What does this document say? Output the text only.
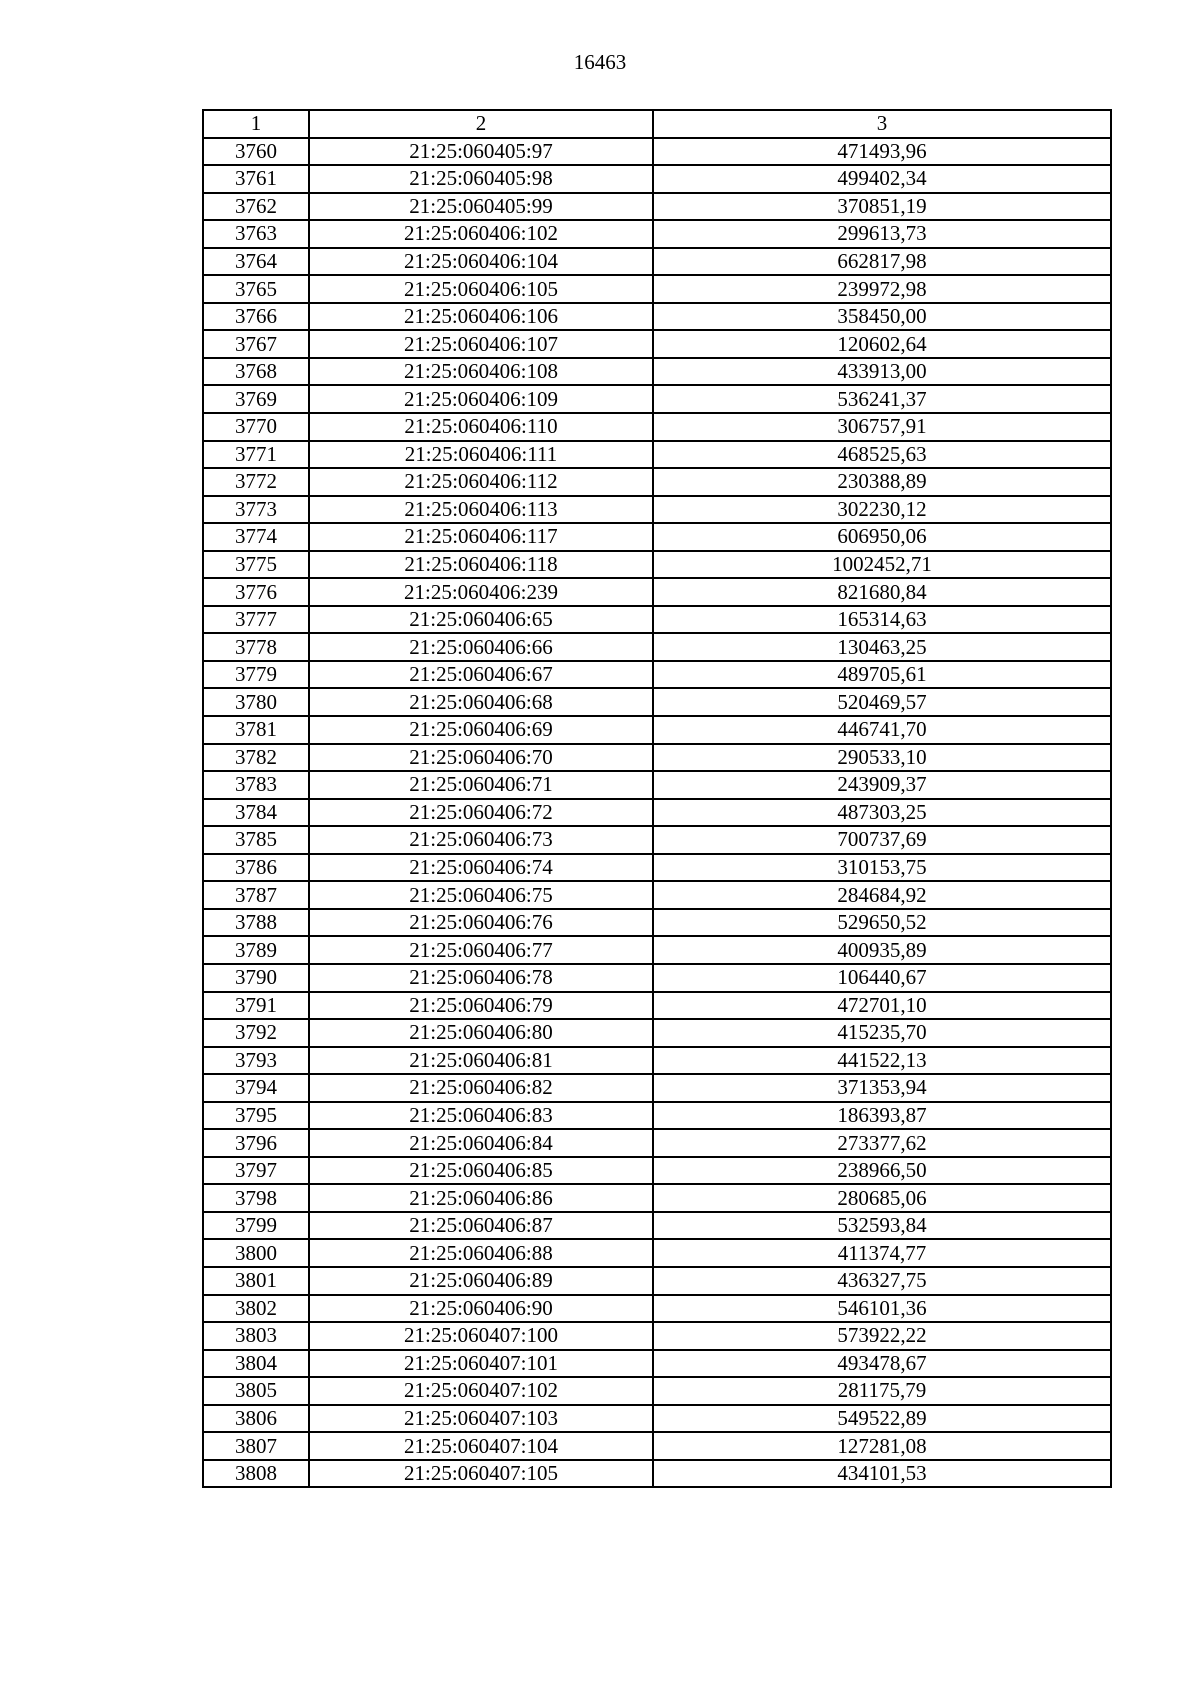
16463
1	2	3
3760	21:25:060405:97	471493,96
3761	21:25:060405:98	499402,34
3762	21:25:060405:99	370851,19
3763	21:25:060406:102	299613,73
3764	21:25:060406:104	662817,98
3765	21:25:060406:105	239972,98
3766	21:25:060406:106	358450,00
3767	21:25:060406:107	120602,64
3768	21:25:060406:108	433913,00
3769	21:25:060406:109	536241,37
3770	21:25:060406:110	306757,91
3771	21:25:060406:111	468525,63
3772	21:25:060406:112	230388,89
3773	21:25:060406:113	302230,12
3774	21:25:060406:117	606950,06
3775	21:25:060406:118	1002452,71
3776	21:25:060406:239	821680,84
3777	21:25:060406:65	165314,63
3778	21:25:060406:66	130463,25
3779	21:25:060406:67	489705,61
3780	21:25:060406:68	520469,57
3781	21:25:060406:69	446741,70
3782	21:25:060406:70	290533,10
3783	21:25:060406:71	243909,37
3784	21:25:060406:72	487303,25
3785	21:25:060406:73	700737,69
3786	21:25:060406:74	310153,75
3787	21:25:060406:75	284684,92
3788	21:25:060406:76	529650,52
3789	21:25:060406:77	400935,89
3790	21:25:060406:78	106440,67
3791	21:25:060406:79	472701,10
3792	21:25:060406:80	415235,70
3793	21:25:060406:81	441522,13
3794	21:25:060406:82	371353,94
3795	21:25:060406:83	186393,87
3796	21:25:060406:84	273377,62
3797	21:25:060406:85	238966,50
3798	21:25:060406:86	280685,06
3799	21:25:060406:87	532593,84
3800	21:25:060406:88	411374,77
3801	21:25:060406:89	436327,75
3802	21:25:060406:90	546101,36
3803	21:25:060407:100	573922,22
3804	21:25:060407:101	493478,67
3805	21:25:060407:102	281175,79
3806	21:25:060407:103	549522,89
3807	21:25:060407:104	127281,08
3808	21:25:060407:105	434101,53
